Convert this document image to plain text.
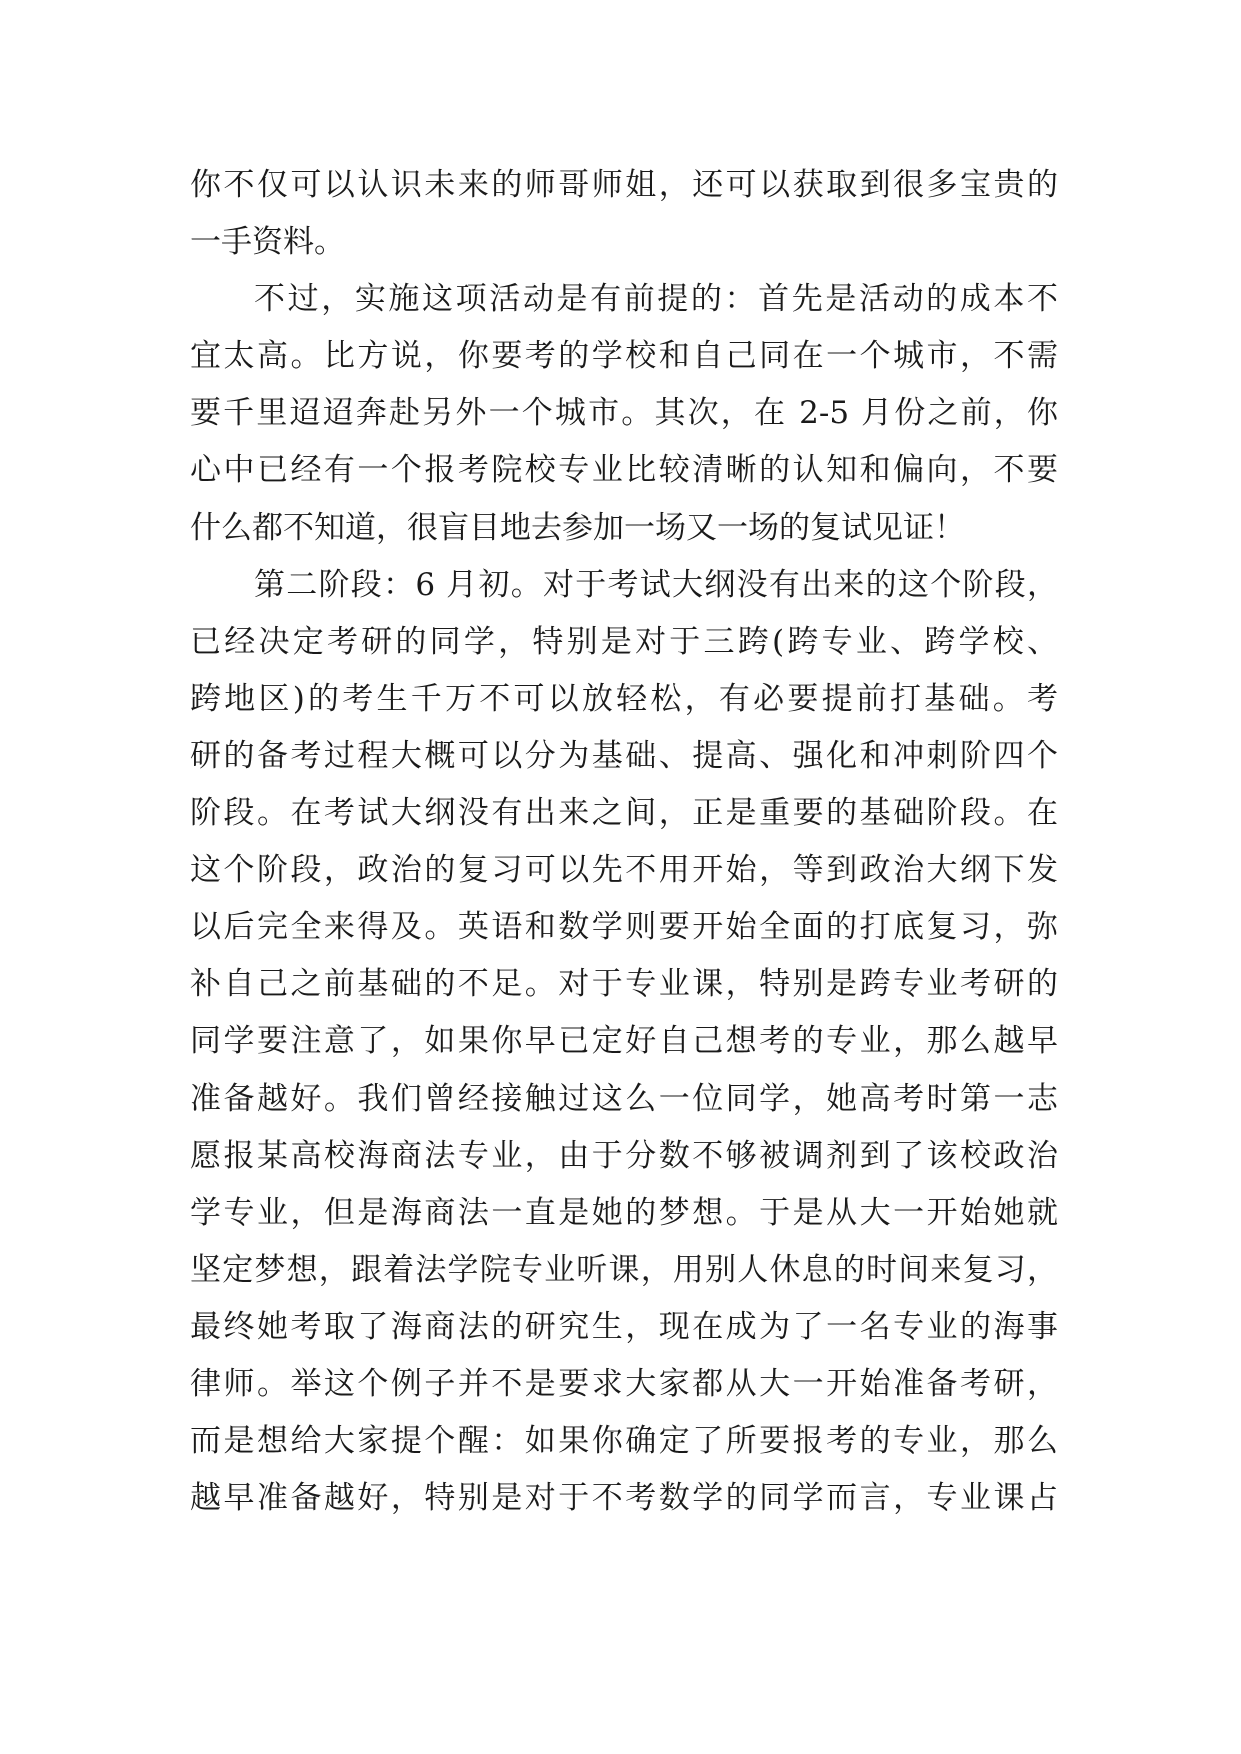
你不仅可以认识未来的师哥师姐，还可以获取到很多宝贵的
一手资料。
不过，实施这项活动是有前提的：首先是活动的成本不
宜太高。比方说，你要考的学校和自己同在一个城市，不需
要千里迢迢奔赴另外一个城市。其次，在 2-5 月份之前，你
心中已经有一个报考院校专业比较清晰的认知和偏向，不要
什么都不知道，很盲目地去参加一场又一场的复试见证！
第二阶段：6 月初。对于考试大纲没有出来的这个阶段，
已经决定考研的同学，特别是对于三跨(跨专业、跨学校、
跨地区)的考生千万不可以放轻松，有必要提前打基础。考
研的备考过程大概可以分为基础、提高、强化和冲刺阶四个
阶段。在考试大纲没有出来之间，正是重要的基础阶段。在
这个阶段，政治的复习可以先不用开始，等到政治大纲下发
以后完全来得及。英语和数学则要开始全面的打底复习，弥
补自己之前基础的不足。对于专业课，特别是跨专业考研的
同学要注意了，如果你早已定好自己想考的专业，那么越早
准备越好。我们曾经接触过这么一位同学，她高考时第一志
愿报某高校海商法专业，由于分数不够被调剂到了该校政治
学专业，但是海商法一直是她的梦想。于是从大一开始她就
坚定梦想，跟着法学院专业听课，用别人休息的时间来复习，
最终她考取了海商法的研究生，现在成为了一名专业的海事
律师。举这个例子并不是要求大家都从大一开始准备考研，
而是想给大家提个醒：如果你确定了所要报考的专业，那么
越早准备越好，特别是对于不考数学的同学而言，专业课占
